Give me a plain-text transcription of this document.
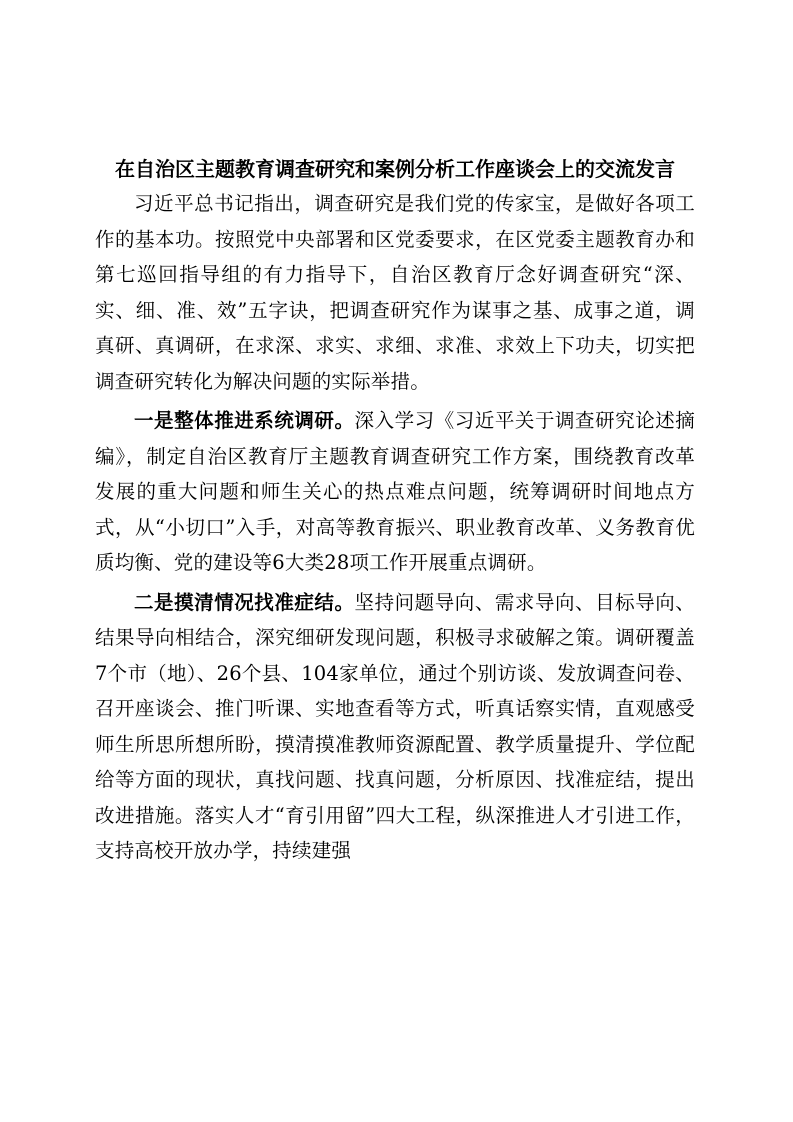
在自治区主题教育调查研究和案例分析工作座谈会上的交流发言

习近平总书记指出，调查研究是我们党的传家宝，是做好各项工作的基本功。按照党中央部署和区党委要求，在区党委主题教育办和第七巡回指导组的有力指导下，自治区教育厅念好调查研究“深、实、细、准、效”五字诀，把调查研究作为谋事之基、成事之道，调真研、真调研，在求深、求实、求细、求准、求效上下功夫，切实把调查研究转化为解决问题的实际举措。

一是整体推进系统调研。深入学习《习近平关于调查研究论述摘编》，制定自治区教育厅主题教育调查研究工作方案，围绕教育改革发展的重大问题和师生关心的热点难点问题，统筹调研时间地点方式，从“小切口”入手，对高等教育振兴、职业教育改革、义务教育优质均衡、党的建设等6大类28项工作开展重点调研。

二是摸清情况找准症结。坚持问题导向、需求导向、目标导向、结果导向相结合，深究细研发现问题，积极寻求破解之策。调研覆盖7个市（地）、26个县、104家单位，通过个别访谈、发放调查问卷、召开座谈会、推门听课、实地查看等方式，听真话察实情，直观感受师生所思所想所盼，摸清摸准教师资源配置、教学质量提升、学位配给等方面的现状，真找问题、找真问题，分析原因、找准症结，提出改进措施。落实人才“育引用留”四大工程，纵深推进人才引进工作，支持高校开放办学，持续建强
